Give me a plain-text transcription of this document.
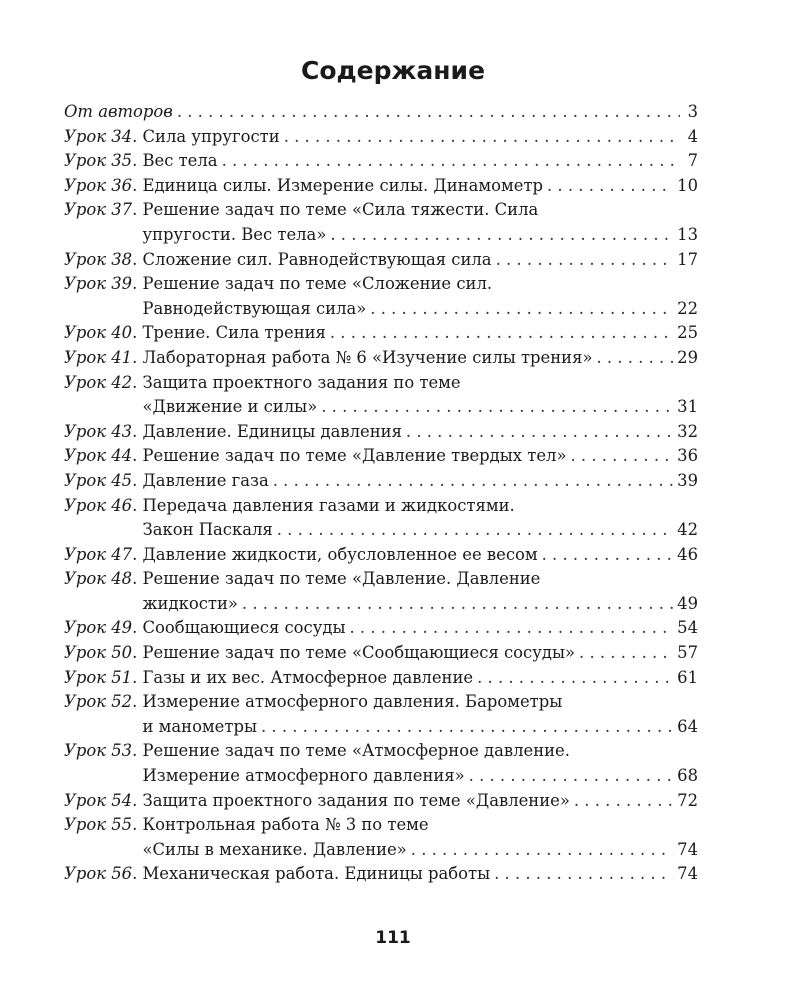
Содержание
От авторов . . .	3
Урок 34 . Сила упругости . . .	4
Урок 35 . Вес тела . . .	7
Урок 36 . Единица силы. Измерение силы. Динамометр . . .	10
Урок 37 . Решение задач по теме «Сила тяжести. Сила
упругости. Вес тела» . . .	13
Урок 38 . Сложение сил. Равнодействующая сила . . .	17
Урок 39 . Решение задач по теме «Сложение сил.
Равнодействующая сила» . . .	22
Урок 40 . Трение. Сила трения . . .	25
Урок 41 . Лабораторная работа № 6 «Изучение силы трения» . . .	29
Урок 42 . Защита проектного задания по теме
«Движение и силы» . . .	31
Урок 43 . Давление. Единицы давления . . .	32
Урок 44 . Решение задач по теме «Давление твердых тел» . . .	36
Урок 45 . Давление газа . . .	39
Урок 46 . Передача давления газами и жидкостями.
Закон Паскаля . . .	42
Урок 47 . Давление жидкости, обусловленное ее весом . . .	46
Урок 48 . Решение задач по теме «Давление. Давление
жидкости» . . .	49
Урок 49 . Сообщающиеся сосуды . . .	54
Урок 50 . Решение задач по теме «Сообщающиеся сосуды» . . .	57
Урок 51 . Газы и их вес. Атмосферное давление . . .	61
Урок 52 . Измерение атмосферного давления. Барометры
и манометры . . .	64
Урок 53 . Решение задач по теме «Атмосферное давление.
Измерение атмосферного давления» . . .	68
Урок 54 . Защита проектного задания по теме «Давление» . . .	72
Урок 55 . Контрольная работа № 3 по теме
«Силы в механике. Давление» . . .	74
Урок 56 . Механическая работа. Единицы работы . . .	74
111
